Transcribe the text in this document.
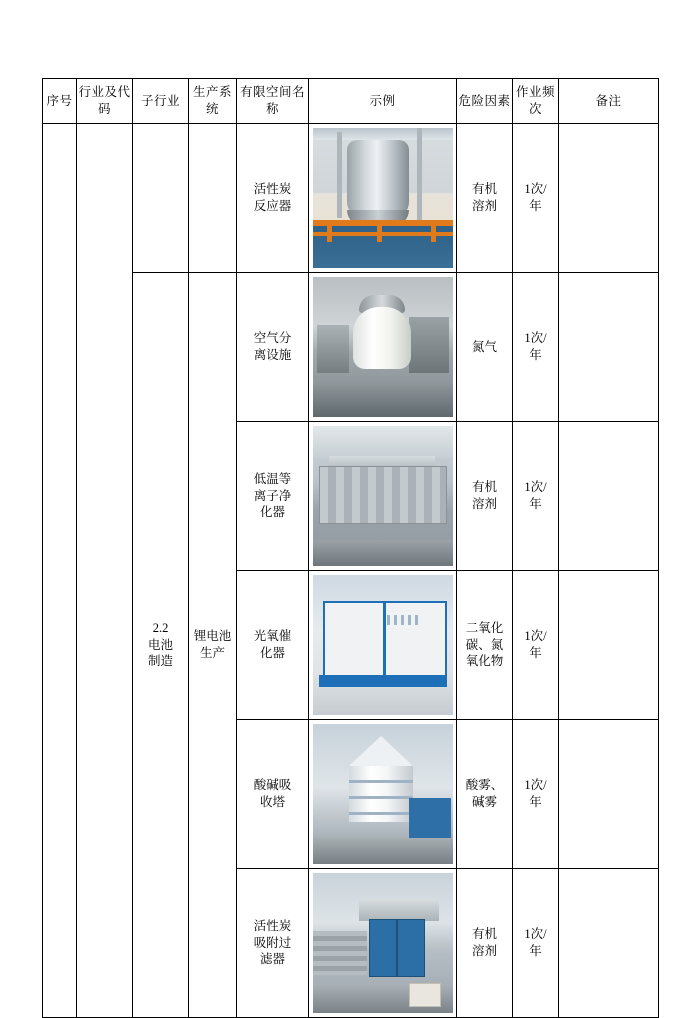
序号	行业及代码	子行业	生产系统	有限空间名称	示例	危险因素	作业频次	备注

				活性炭
反应器		有机
溶剂	1次/
年	

		2.2
电池
制造	锂电池
生产	空气分
离设施		氮气	1次/
年	

				低温等
离子净
化器		有机
溶剂	1次/
年	

				光氧催
化器		二氧化
碳、氮
氧化物	1次/
年	

				酸碱吸
收塔		酸雾、
碱雾	1次/
年	

				活性炭
吸附过
滤器		有机
溶剂	1次/
年	
